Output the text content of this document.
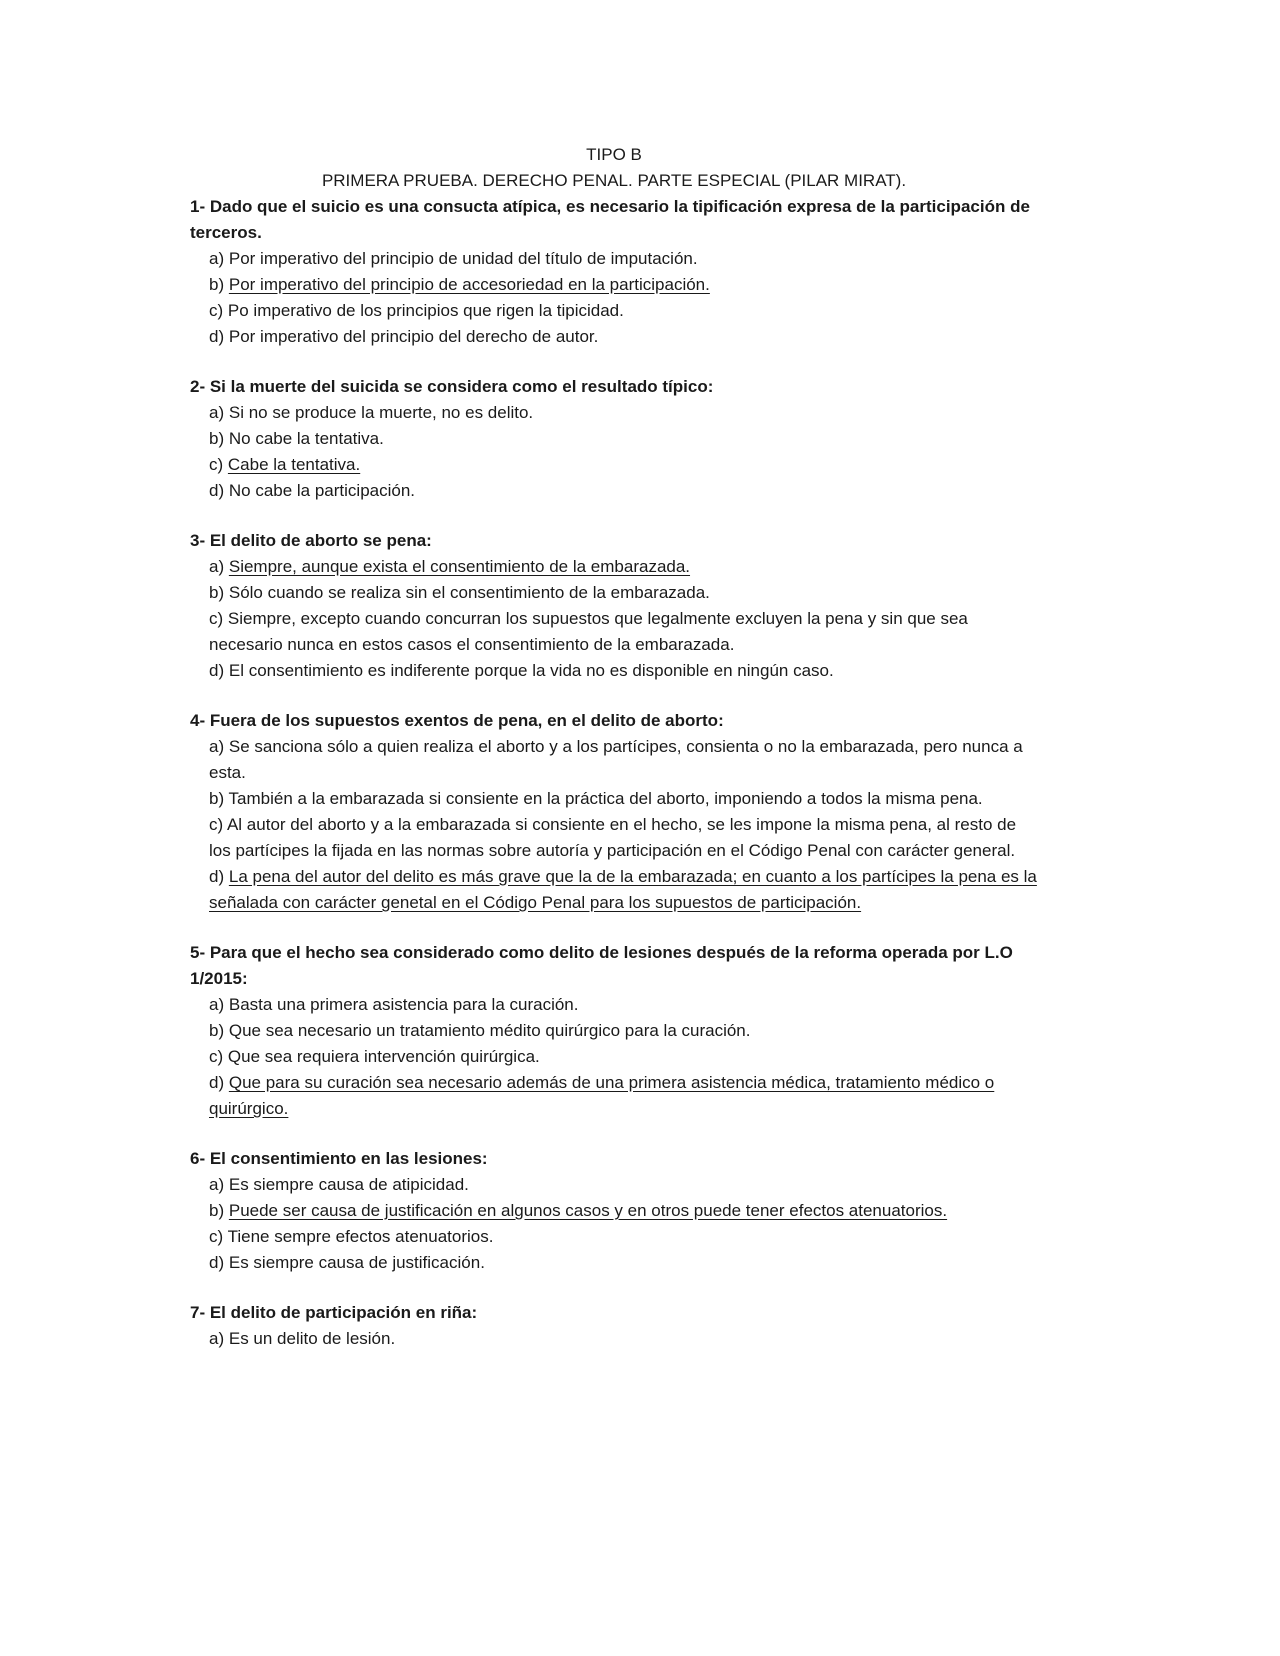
TIPO B
PRIMERA PRUEBA. DERECHO PENAL. PARTE ESPECIAL (PILAR MIRAT).
1- Dado que el suicio es una consucta atípica, es necesario la tipificación expresa de la participación de terceros.
a) Por imperativo del principio de unidad del título de imputación.
b) Por imperativo del principio de accesoriedad en la participación.
c) Po imperativo de los principios que rigen la tipicidad.
d) Por imperativo del principio del derecho de autor.
2- Si la muerte del suicida se considera como el resultado típico:
a) Si no se produce la muerte, no es delito.
b) No cabe la tentativa.
c) Cabe la tentativa.
d) No cabe la participación.
3- El delito de aborto se pena:
a) Siempre, aunque exista el consentimiento de la embarazada.
b) Sólo cuando se realiza sin el consentimiento de la embarazada.
c) Siempre, excepto cuando concurran los supuestos que legalmente excluyen la pena y sin que sea necesario nunca en estos casos el consentimiento de la embarazada.
d) El consentimiento es indiferente porque la vida no es disponible en ningún caso.
4- Fuera de los supuestos exentos de pena, en el delito de aborto:
a) Se sanciona sólo a quien realiza el aborto y a los partícipes, consienta o no la embarazada, pero nunca a esta.
b) También a la embarazada si consiente en la práctica del aborto, imponiendo a todos la misma pena.
c) Al autor del aborto y a la embarazada si consiente en el hecho, se les impone la misma pena, al resto de los partícipes la fijada en las normas sobre autoría y participación en el Código Penal con carácter general.
d) La pena del autor del delito es más grave que la de la embarazada; en cuanto a los partícipes la pena es la señalada con carácter genetal en el Código Penal para los supuestos de participación.
5- Para que el hecho sea considerado como delito de lesiones después de la reforma operada por L.O 1/2015:
a) Basta una primera asistencia para la curación.
b) Que sea necesario un tratamiento médito quirúrgico para la curación.
c) Que sea requiera intervención quirúrgica.
d) Que para su curación sea necesario además de una primera asistencia médica, tratamiento médico o quirúrgico.
6- El consentimiento en las lesiones:
a) Es siempre causa de atipicidad.
b) Puede ser causa de justificación en algunos casos y en otros puede tener efectos atenuatorios.
c) Tiene sempre efectos atenuatorios.
d) Es siempre causa de justificación.
7- El delito de participación en riña:
a) Es un delito de lesión.
